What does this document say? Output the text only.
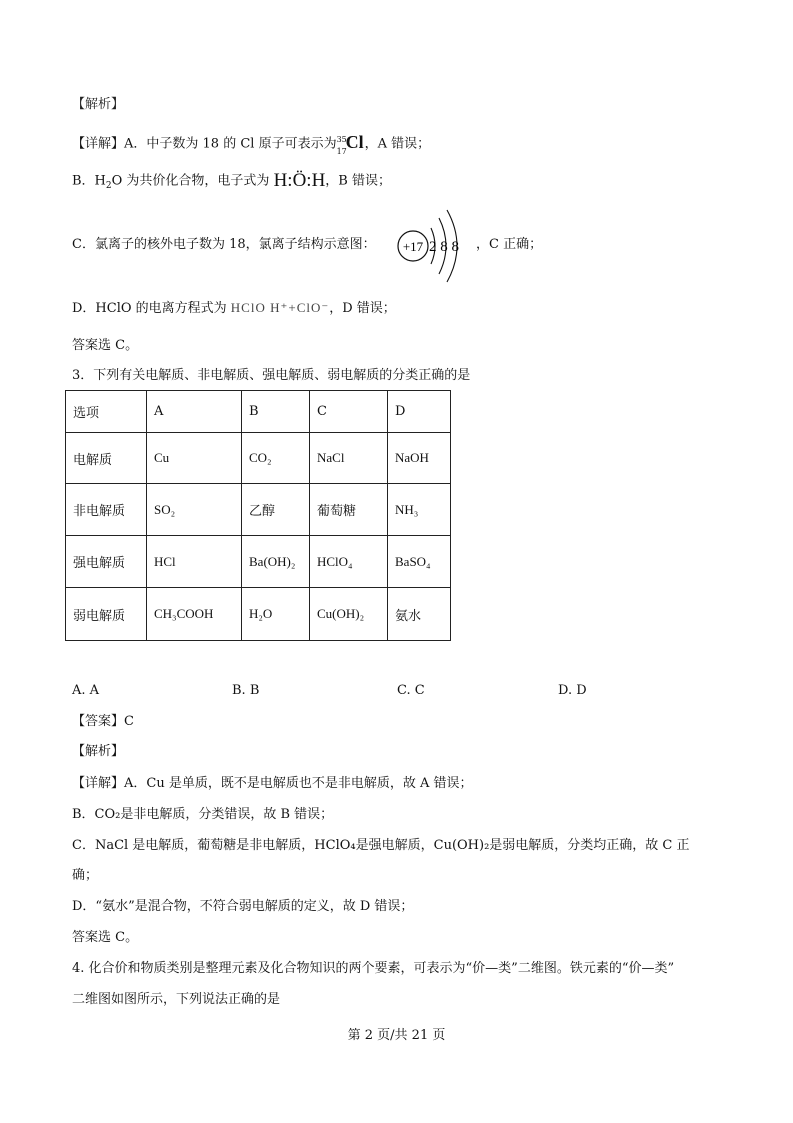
【解析】
【详解】A．中子数为 18 的 Cl 原子可表示为 35
17
Cl ，A 错误；
B．$H_2O$ 为共价化合物，电子式为 H:Ö:H，B 错误；
C．氯离子的核外电子数为 18，氯离子结构示意图： +17 2 8 8 ，C 正确；
D．HClO 的电离方程式为 HClO H⁺+ClO⁻，D 错误；
答案选 C。
3．下列有关电解质、非电解质、强电解质、弱电解质的分类正确的是
选项	A	B	C	D
电解质	Cu	CO₂	NaCl	NaOH
非电解质	SO₂	乙醇	葡萄糖	NH₃
强电解质	HCl	Ba(OH)₂	HClO₄	BaSO₄
弱电解质	CH₃COOH	H₂O	Cu(OH)₂	氨水
A. A	B. B	C. C	D. D
【答案】C
【解析】
【详解】A．Cu 是单质，既不是电解质也不是非电解质，故 A 错误；
B．CO₂是非电解质，分类错误，故 B 错误；
C．NaCl 是电解质，葡萄糖是非电解质，HClO₄是强电解质，Cu(OH)₂是弱电解质，分类均正确，故 C 正
确；
D．“氨水”是混合物，不符合弱电解质的定义，故 D 错误；
答案选 C。
4. 化合价和物质类别是整理元素及化合物知识的两个要素，可表示为“价—类”二维图。铁元素的“价—类”
二维图如图所示，下列说法正确的是
第 2 页/共 21 页
